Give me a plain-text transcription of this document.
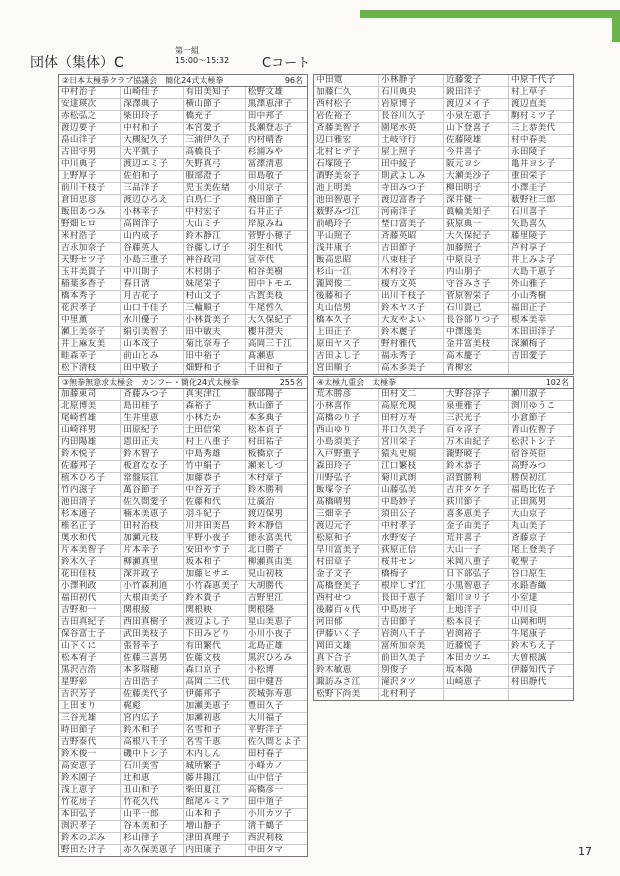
団体（集体）C
第一組
15:00～15:32	Cコート
②日本太極拳クラブ協議会　簡化24式太極拳	96名
中村治子	山崎佳子	有田美知子	松野文雄
安達瑛次	深澤典子	横山節子	黒澤恵津子
赤松弘之	柴田玲子	橋充子	田中邦子
渡辺要子	中村和子	本宮愛子	長瀬登志子
畠山洋子	大槻紀久子	三浦伊久子	内村晴香
古田守男	大平凱子	高橋良子	杉浦みや
中川典子	渡辺エミ子	矢野真弓	冨澤清恵
上野厚子	佐伯和子	服部澄子	田島敬子
前川千枝子	三品洋子	児玉美佐緒	小川京子
倉田忠彦	渡辺ひろえ	白鳥仁子	飛田節子
飯田あつみ	小林幸子	中村宏子	石井正子
野畑ヒロ	高岡洋子	大山ミチ	岸原みね
米村浩子	山内成子	鈴木静江	菅野小穂子
吉永加奈子	谷藤英人	谷藤しげ子	羽生和代
天野セツ子	小島三重子	神谷政司	宣幸代
玉井美貴子	中川則子	木村則子	柏谷美樹
稲葉多香子	春日清	妹尾栄子	田中トモエ
橋本秀子	月吉花子	村山文子	古賀美枝
花沢孝子	山口千佳子	三輪順子	牛尾哲久
中里薫	水川優子	小林貴美子	大久保紀子
瀬上美奈子	絹引美智子	田中敏夫	櫻井澄夫
井上麻友美	山本茂子	菊比奈寿子	高岡三千江
畦森幸子	前山とみ	田中裕子	髙瀬恵
松下清枝	田中敬子	畑野和子	千田和子
中田寛	小林静子	近藤愛子	中原千代子
加藤仁久	石川典央	鋭田洋子	村上草子
西村松子	岩原博子	渡辺メイ子	渡辺直美
岩佐裕子	長谷川久子	小泉左恵子	駒村ミツ子
斉藤美智子	園尾水英	山下登喜子	三上恭美代
辺口雅宏	土岐守行	佐藤陵雄	村中春美
北村ヒデ子	屋上照子	今井喜子	永田陵子
石塚陵子	田中綾子	阪元ヨシ	亀井ヨシ子
酒野美奈子	則武よしみ	大瀬美沙子	重田栄子
池上明美	寺田みつ子	柳田明子	小澤圭子
池田智恵子	渡辺富香子	深井健一	薮野社三郎
薮野みづ江	河南洋子	眞輪美知子	石川喜子
前嶋玲子	埜口富美子	荻原典一	矢島喜久
平山照子	斉藤英昭	大久保紀子	藤里陵子
浅井康子	吉田節子	加藤照子	芦村享子
飯高忠昭	八束桂子	中原良子	井上みよ子
杉山一江	木村冷子	内山朋子	大島千恵子
瀧岡俊二	榎方文英	守谷みさ子	外山雅子
後藤和子	出川千枝子	菅原智栄子	小山秀樹
丸山信男	鈴木ヤス子	石川貴己	福田正子
橋本久子	大友やよい	長谷部りつ子	根本美幸
上田正子	鈴木麗子	中澤逸美	木田田洋子
原田ヤス子	野村雅代	金井富美枝	深瀬梅子
吉田よし子	福永秀子	高木慶子	吉田愛子
宮田順子	高木多美子	青柳宏
③無拳無意求太極会　カンフー・簡化24式太極拳	255名
加藤東司	斉藤みつ子	真実津江	服部陽子
北原博美	島田桂子	森裕子	秋山節子
尾崎哲雄	生井里恵	小林たか	本多典子
山崎祥男	田原紀子	土田信栄	松本貞子
内田陽雄	恩田正夫	村上八重子	村田祐子
鈴木悦子	鈴木智子	中島秀雄	板橋京子
佐藤邦子	板倉なな子	竹中絹子	瀬来しづ
植木ひろ子	常盤辰江	加藤恭子	木村章子
竹内滋子	萬谷節子	中谷芳子	鈴木勝利
池田清子	佐久間愛子	佐藤和代	辻廣治
杉本通子	楠本美恵子	羽斗紀子	渡辺保男
椎名正子	田村治枝	川井田美昌	鈴木静信
奥水和代	加瀬元枝	平野小夜子	徳永富美代
片本美智子	片本幸子	安田やす子	北口勝子
鈴木久子	柳瀬真里	坂本和子	柳瀬真由美
花田佳枝	深井政子	加藤ヒサエ	見山初枝
小澤利政	小竹森利道	小竹森恵美子	大胡勝代
福田初代	大根由美子	鈴木貴子	吉野里江
吉野和一	関根綾	関根映	関根隆
吉田真紀子	西田真樹子	渡辺よし子	星山美恵子
保谷富士子	武田美枝子	下田みどり	小川小夜子
山下くに	張替幸子	有田繁代	北島正雄
松本宥子	佐藤三喜男	佐藤文枝	黒沢ひろみ
黒沢吉浩	本多瑞穂	森口京子	小松博
星野彰	吉田浩子	高岡二三代	田中健吾
吉沢芳子	佐藤美代子	伊藤邦子	茨城弥寿恵
上田まり	梶彪	加瀬美恵子	豊田久子
三谷光雄	宮内広子	加瀬初恵	大川福子
時田節子	鈴木和子	名雪和子	平野洋子
吉野泰代	高根八千子	名雪千恵	佐久間とよ子
鈴木俊一	磯中トシ子	木内しん	田村春子
高安恵子	石川美雪	城所繁子	小峰カノ
鈴木園子	辻和恵	藤井陽江	山中信子
浅上恵子	丑山和子	柴田夏江	高橋彦一
竹花房子	竹花久代	館尾ルミア	田中道子
本田弘子	山平一郎	山本和子	小川カツ子
渕沢孝子	谷本美和子	増山静子	清千鶴子
鈴木のぶみ	杉山律子	津田真理子	西沢利枝
野田たけ子	赤久保美恵子	内田康子	中田タマ
④太極九重会　太極拳	102名
荒木勝彦	田村文二	大野谷淳子	瀬川淑子
小林喜作	高原允現	泉亜雅子	渕川ゆうこ
高橋のり子	田村万寿	三沢光子	小倉節子
西山ゆり	井口久美子	百々淳子	青山佐智子
小島須美子	宮川栄子	万木由紀子	松沢トシ子
入戸野重子	猿丸史規	瀧野暁子	宿谷英臣
森田玲子	江口繁枝	鈴木恭子	高野みつ
川野弘子	菊川武朗	沼賀勝利	勝俣初江
飯塚令子	山藤弘美	吉井タケ子	福島比佐子
髙橋晴男	中島妙子	荻川節子	正田篤男
三畑幸子	須田公子	喜多恵美子	大山京子
渡辺元子	中村孝子	金子由美子	丸山美子
松原和子	水野安子	荒井喜子	斉藤京子
早川富美子	荻原正信	大山一子	尾上登美子
村田章子	桜井セン	米岡八重子	乾聖子
金子文子	橋梅子	日下部弘子	谷口原生
髙橋登美子	根岸しず江	小黒智恵子	水鉛香織
西村せつ	長田千恵子	舘川ヨリ子	小室達
後藤百々代	中島房子	上地洋子	中川良
河田郁	吉田節子	松本良子	山岡和明
伊藤いく子	岩渕八千子	岩渕裕子	牛尾康子
岡田文雄	冨所加奈美	近藤悦子	鈴木ちえ子
真下合子	前田久美子	本田カツエ	大曽根誠
鈴木敏恵	別俊子	坂本陽	伊藤知代子
諏訪みさ江	滝沢タツ	山崎恵子	村田静代
松野下尚美	北村利子
17
